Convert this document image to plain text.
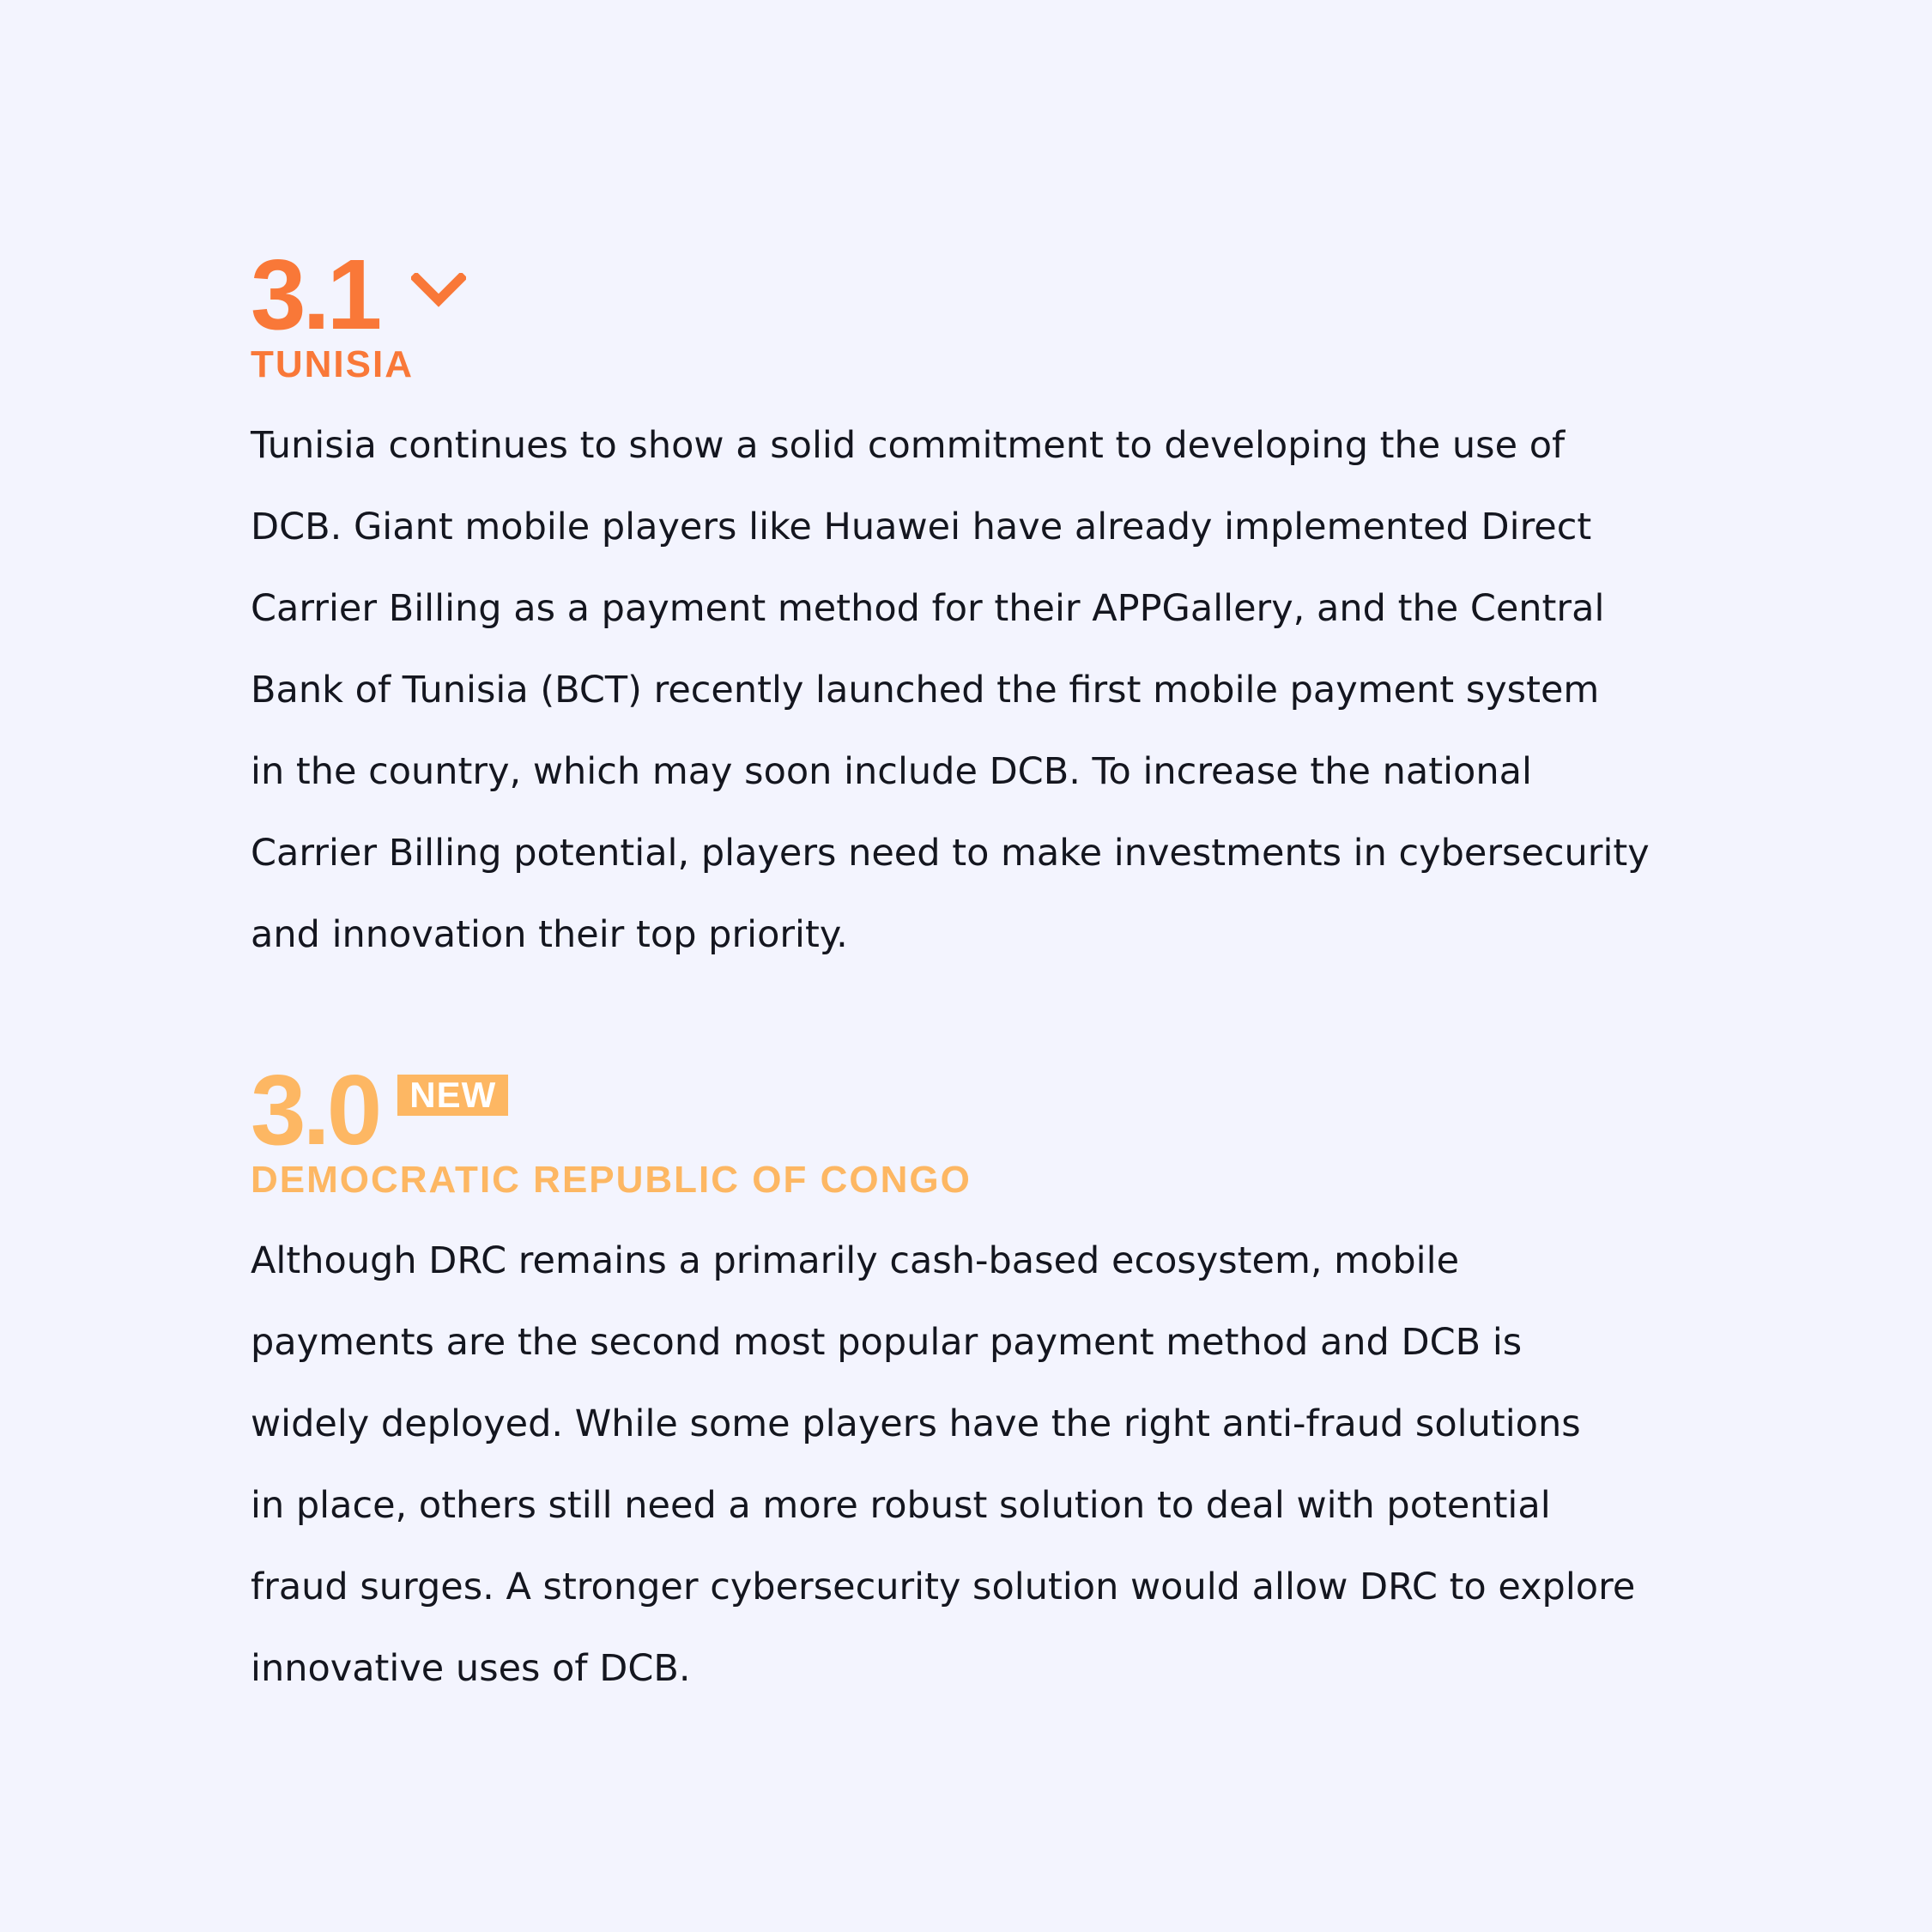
3.1
TUNISIA
Tunisia continues to show a solid commitment to developing the use of
DCB. Giant mobile players like Huawei have already implemented Direct
Carrier Billing as a payment method for their APPGallery, and the Central
Bank of Tunisia (BCT) recently launched the first mobile payment system
in the country, which may soon include DCB. To increase the national
Carrier Billing potential, players need to make investments in cybersecurity
and innovation their top priority.
3.0 NEW
DEMOCRATIC REPUBLIC OF CONGO
Although DRC remains a primarily cash-based ecosystem, mobile
payments are the second most popular payment method and DCB is
widely deployed. While some players have the right anti-fraud solutions
in place, others still need a more robust solution to deal with potential
fraud surges. A stronger cybersecurity solution would allow DRC to explore
innovative uses of DCB.
